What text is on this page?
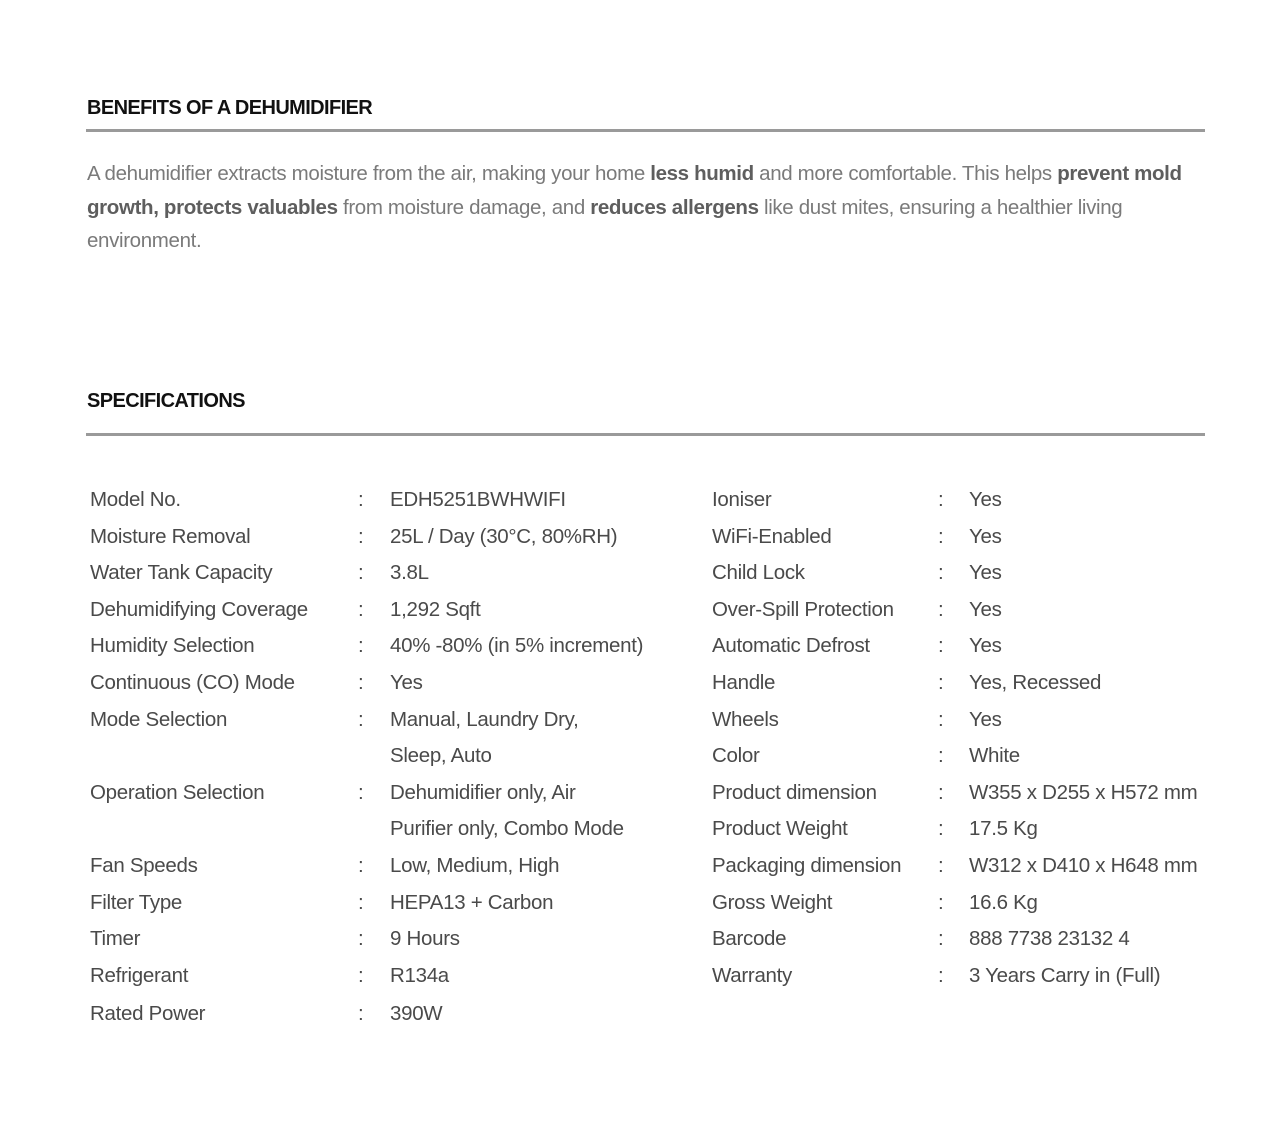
BENEFITS OF A DEHUMIDIFIER

A dehumidifier extracts moisture from the air, making your home less humid and more comfortable. This helps prevent mold growth, protects valuables from moisture damage, and reduces allergens like dust mites, ensuring a healthier living environment.

SPECIFICATIONS
Model No.	:	EDH5251BWHWIFI
Moisture Removal	:	25L / Day (30°C, 80%RH)
Water Tank Capacity	:	3.8L
Dehumidifying Coverage	:	1,292 Sqft
Humidity Selection	:	40% -80% (in 5% increment)
Continuous (CO) Mode	:	Yes
Mode Selection	:	Manual, Laundry Dry,
Sleep, Auto
Operation Selection	:	Dehumidifier only, Air
Purifier only, Combo Mode
Fan Speeds	:	Low, Medium, High
Filter Type	:	HEPA13 + Carbon
Timer	:	9 Hours
Refrigerant	:	R134a
Rated Power	:	390W
Ioniser	:	Yes
WiFi-Enabled	:	Yes
Child Lock	:	Yes
Over-Spill Protection	:	Yes
Automatic Defrost	:	Yes
Handle	:	Yes, Recessed
Wheels	:	Yes
Color	:	White
Product dimension	:	W355 x D255 x H572 mm
Product Weight	:	17.5 Kg
Packaging dimension	:	W312 x D410 x H648 mm
Gross Weight	:	16.6 Kg
Barcode	:	888 7738 23132 4
Warranty	:	3 Years Carry in (Full)
